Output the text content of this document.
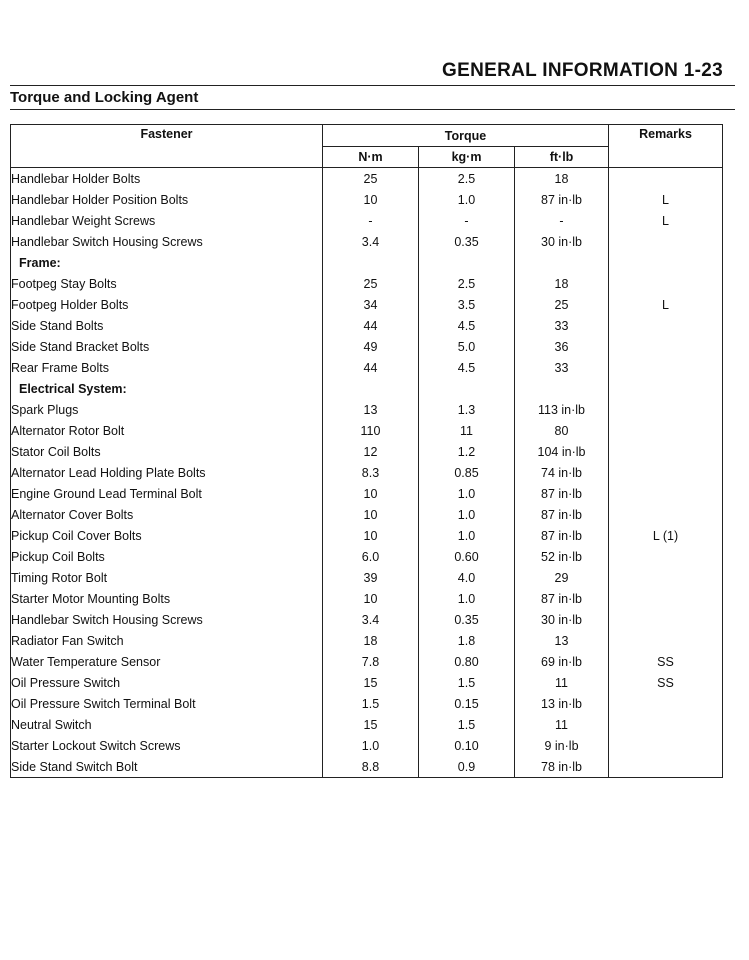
GENERAL INFORMATION 1-23
Torque and Locking Agent
Fastener	Torque			Remarks
	N·m	kg·m	ft·lb	
Handlebar Holder Bolts	25	2.5	18	
Handlebar Holder Position Bolts	10	1.0	87 in·lb	L
Handlebar Weight Screws	-	-	-	L
Handlebar Switch Housing Screws	3.4	0.35	30 in·lb	
Frame:				
Footpeg Stay Bolts	25	2.5	18	
Footpeg Holder Bolts	34	3.5	25	L
Side Stand Bolts	44	4.5	33	
Side Stand Bracket Bolts	49	5.0	36	
Rear Frame Bolts	44	4.5	33	
Electrical System:				
Spark Plugs	13	1.3	113 in·lb	
Alternator Rotor Bolt	110	11	80	
Stator Coil Bolts	12	1.2	104 in·lb	
Alternator Lead Holding Plate Bolts	8.3	0.85	74 in·lb	
Engine Ground Lead Terminal Bolt	10	1.0	87 in·lb	
Alternator Cover Bolts	10	1.0	87 in·lb	
Pickup Coil Cover Bolts	10	1.0	87 in·lb	L (1)
Pickup Coil Bolts	6.0	0.60	52 in·lb	
Timing Rotor Bolt	39	4.0	29	
Starter Motor Mounting Bolts	10	1.0	87 in·lb	
Handlebar Switch Housing Screws	3.4	0.35	30 in·lb	
Radiator Fan Switch	18	1.8	13	
Water Temperature Sensor	7.8	0.80	69 in·lb	SS
Oil Pressure Switch	15	1.5	11	SS
Oil Pressure Switch Terminal Bolt	1.5	0.15	13 in·lb	
Neutral Switch	15	1.5	11	
Starter Lockout Switch Screws	1.0	0.10	9 in·lb	
Side Stand Switch Bolt	8.8	0.9	78 in·lb	
